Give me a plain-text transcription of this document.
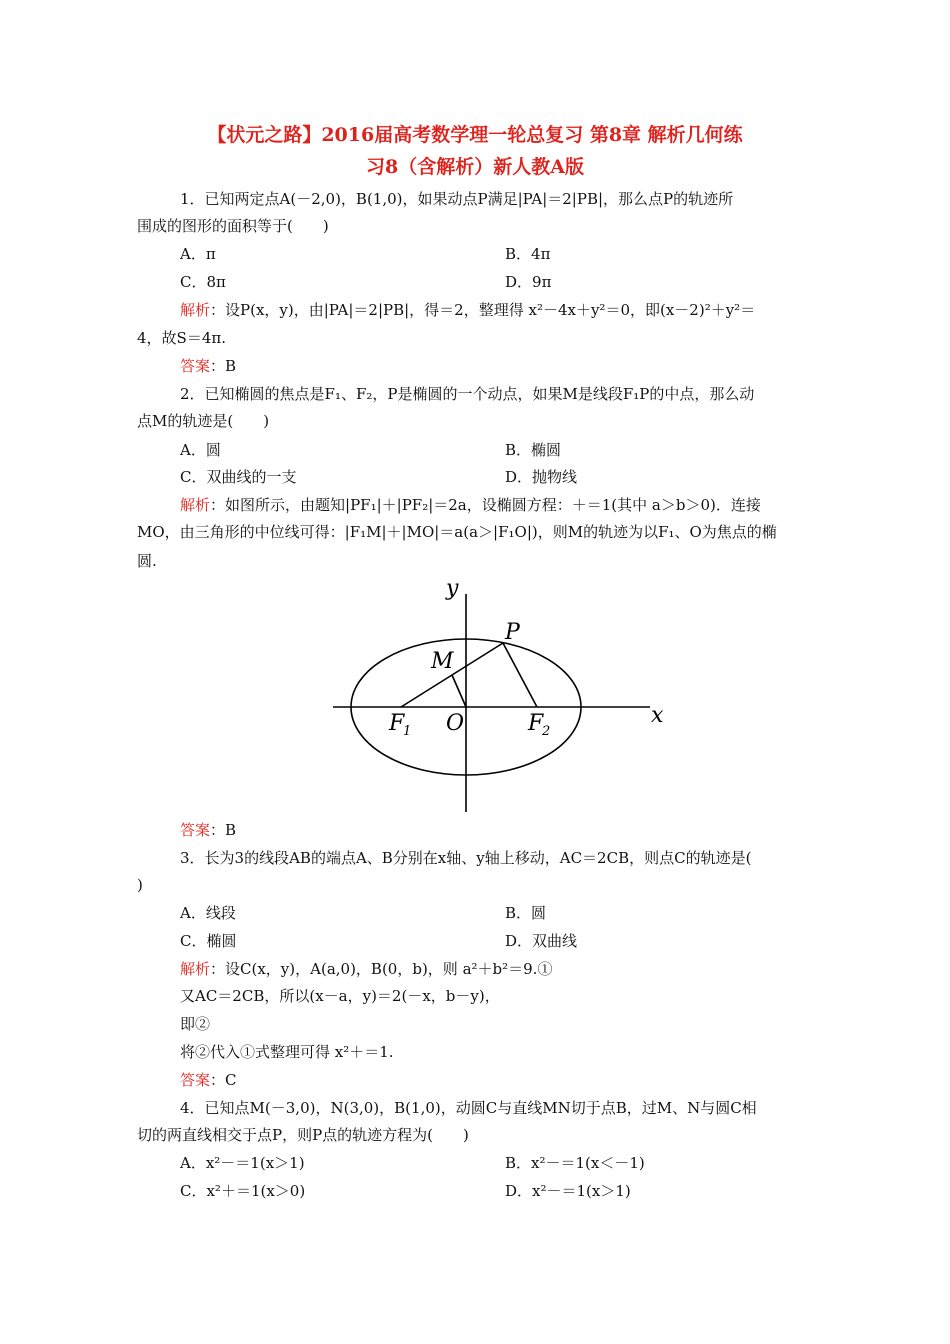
【状元之路】2016届高考数学理一轮总复习 第8章 解析几何练
习8（含解析）新人教A版
1．已知两定点A(－2,0)，B(1,0)，如果动点P满足|PA|＝2|PB|，那么点P的轨迹所
围成的图形的面积等于(　　)
A．π	B．4π
C．8π	D．9π
解析：设P(x，y)，由|PA|＝2|PB|，得＝2，整理得 x²－4x＋y²＝0，即(x－2)²＋y²＝
4，故S＝4π.
答案：B
2．已知椭圆的焦点是F₁、F₂，P是椭圆的一个动点，如果M是线段F₁P的中点，那么动
点M的轨迹是(　　)
A．圆	B．椭圆
C．双曲线的一支	D．抛物线
解析：如图所示，由题知|PF₁|＋|PF₂|＝2a，设椭圆方程：＋＝1(其中 a＞b＞0)．连接
MO，由三角形的中位线可得：|F₁M|＋|MO|＝a(a＞|F₁O|)，则M的轨迹为以F₁、O为焦点的椭
圆.
y
x
P
M
F
1 O	F
2
答案：B
3．长为3的线段AB的端点A、B分别在x轴、y轴上移动，AC＝2CB，则点C的轨迹是(
)
A．线段	B．圆
C．椭圆	D．双曲线
解析：设C(x，y)，A(a,0)，B(0，b)，则 a²＋b²＝9.①
又AC＝2CB，所以(x－a，y)＝2(－x，b－y)，
即②
将②代入①式整理可得 x²＋＝1.
答案：C
4．已知点M(－3,0)，N(3,0)，B(1,0)，动圆C与直线MN切于点B，过M、N与圆C相
切的两直线相交于点P，则P点的轨迹方程为(　　)
A．x²－＝1(x＞1)	B．x²－＝1(x＜－1)
C．x²＋＝1(x＞0)	D．x²－＝1(x＞1)
